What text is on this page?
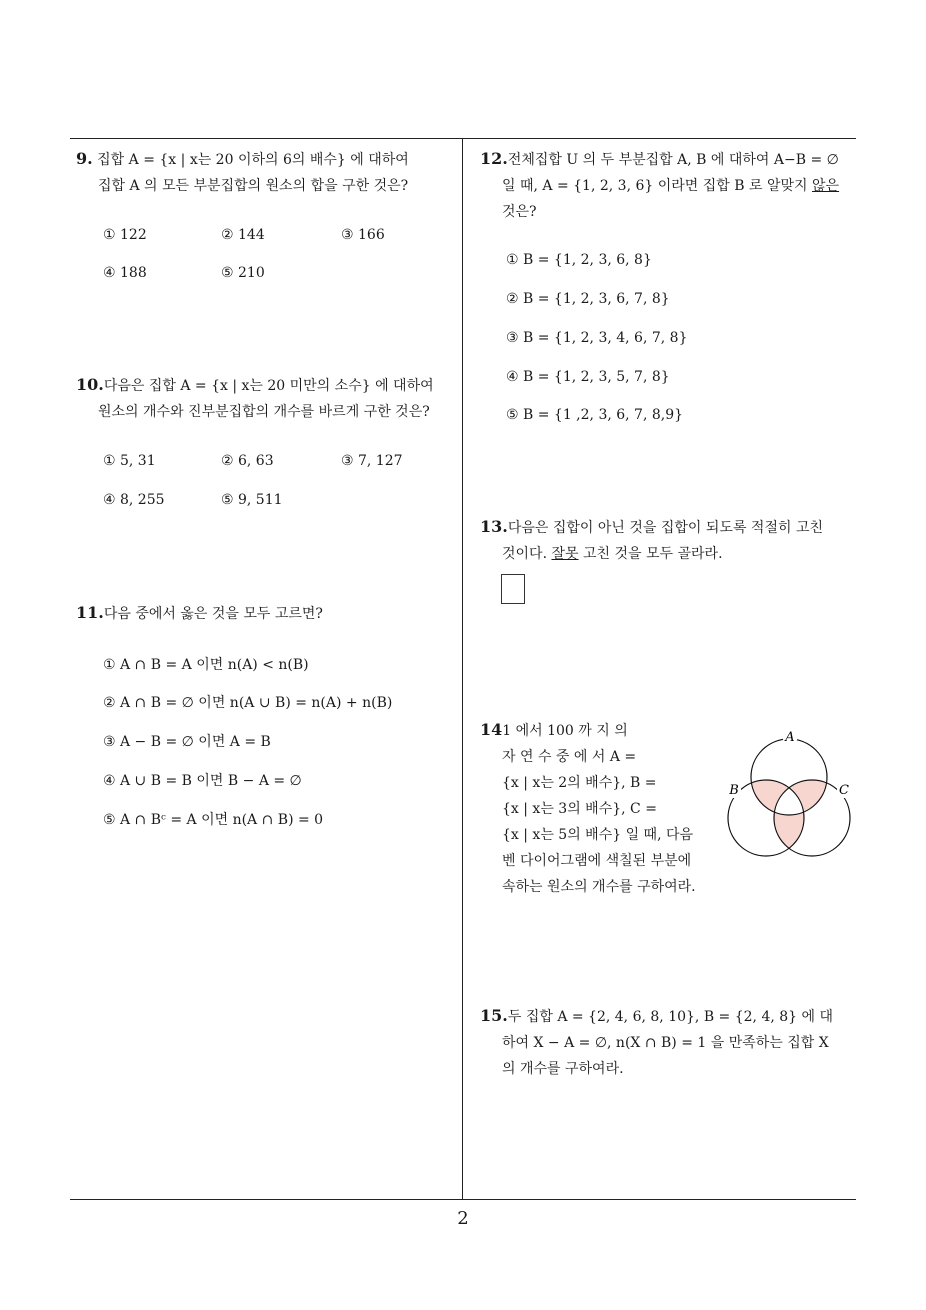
9. 집합 A = {x | x는 20 이하의 6의 배수} 에 대하여
집합 A 의 모든 부분집합의 원소의 합을 구한 것은?
① 122	② 144	③ 166
④ 188	⑤ 210
10.다음은 집합 A = {x | x는 20 미만의 소수} 에 대하여
원소의 개수와 진부분집합의 개수를 바르게 구한 것은?
① 5, 31	② 6, 63	③ 7, 127
④ 8, 255	⑤ 9, 511
11.다음 중에서 옳은 것을 모두 고르면?
① A ∩ B = A 이면 n(A) < n(B)
② A ∩ B = ∅ 이면 n(A ∪ B) = n(A) + n(B)
③ A − B = ∅ 이면 A = B
④ A ∪ B = B 이면 B − A = ∅
⑤ A ∩ Bᶜ = A 이면 n(A ∩ B) = 0
12.전체집합 U 의 두 부분집합 A, B 에 대하여 A−B = ∅
일 때, A = {1, 2, 3, 6} 이라면 집합 B 로 알맞지 않은
것은?
① B = {1, 2, 3, 6, 8}
② B = {1, 2, 3, 6, 7, 8}
③ B = {1, 2, 3, 4, 6, 7, 8}
④ B = {1, 2, 3, 5, 7, 8}
⑤ B = {1 ,2, 3, 6, 7, 8,9}
13.다음은 집합이 아닌 것을 집합이 되도록 적절히 고친
것이다. 잘못 고친 것을 모두 골라라.
141 에서 100 까 지 의
자 연 수 중 에 서 A =
{x | x는 2의 배수}, B =
{x | x는 3의 배수}, C =
{x | x는 5의 배수} 일 때, 다음
벤 다이어그램에 색칠된 부분에
속하는 원소의 개수를 구하여라.
A
B	C
15.두 집합 A = {2, 4, 6, 8, 10}, B = {2, 4, 8} 에 대
하여 X − A = ∅, n(X ∩ B) = 1 을 만족하는 집합 X
의 개수를 구하여라.
2
